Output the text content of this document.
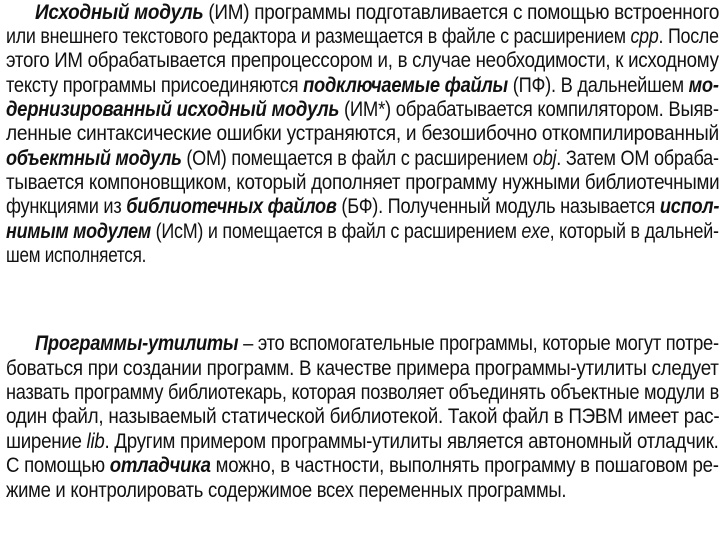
Исходный модуль (ИМ) программы подготавливается с помощью встроенного
или внешнего текстового редактора и размещается в файле с расширением cpp. После
этого ИМ обрабатывается препроцессором и, в случае необходимости, к исходному
тексту программы присоединяются подключаемые файлы (ПФ). В дальнейшем мо-
дернизированный исходный модуль (ИМ*) обрабатывается компилятором. Выяв-
ленные синтаксические ошибки устраняются, и безошибочно откомпилированный
объектный модуль (ОМ) помещается в файл с расширением obj. Затем ОМ обраба-
тывается компоновщиком, который дополняет программу нужными библиотечными
функциями из библиотечных файлов (БФ). Полученный модуль называется испол-
нимым модулем (ИсМ) и помещается в файл с расширением exe, который в дальней-
шем исполняется.
Программы-утилиты – это вспомогательные программы, которые могут потре-
боваться при создании программ. В качестве примера программы-утилиты следует
назвать программу библиотекарь, которая позволяет объединять объектные модули в
один файл, называемый статической библиотекой. Такой файл в ПЭВМ имеет рас-
ширение lib. Другим примером программы-утилиты является автономный отладчик.
С помощью отладчика можно, в частности, выполнять программу в пошаговом ре-
жиме и контролировать содержимое всех переменных программы.
